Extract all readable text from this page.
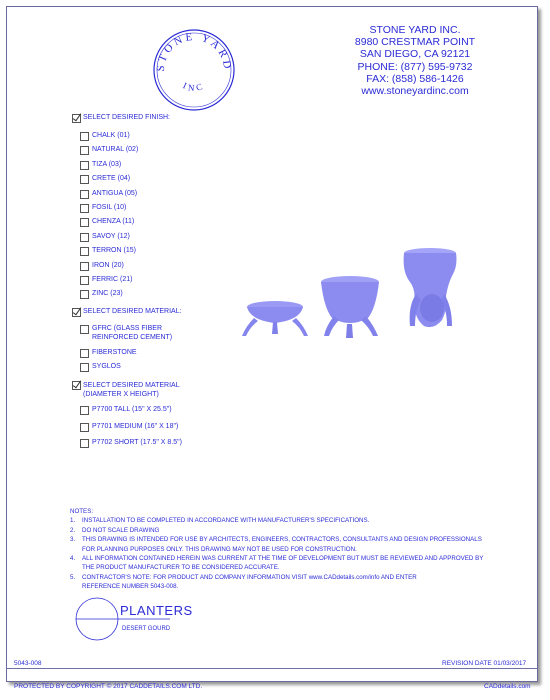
STONE YARD
INC
STONE YARD INC.
8980 CRESTMAR POINT
SAN DIEGO, CA 92121
PHONE: (877) 595-9732
FAX: (858) 586-1426
www.stoneyardinc.com
SELECT DESIRED FINISH:
CHALK (01)
NATURAL (02)
TIZA (03)
CRETE (04)
ANTIGUA (05)
FOSIL (10)
CHENZA (11)
SAVOY (12)
TERRON (15)
IRON (20)
FERRIC (21)
ZINC (23)
SELECT DESIRED MATERIAL:
GFRC (GLASS FIBER
REINFORCED CEMENT)
FIBERSTONE
SYGLOS
SELECT DESIRED MATERIAL
(DIAMETER X HEIGHT)
P7700 TALL (15" X 25.5")
P7701 MEDIUM (16" X 18")
P7702 SHORT (17.5" X 8.5")
NOTES:
1.	INSTALLATION TO BE COMPLETED IN ACCORDANCE WITH MANUFACTURER'S SPECIFICATIONS.
2.	DO NOT SCALE DRAWING
3.	THIS DRAWING IS INTENDED FOR USE BY ARCHITECTS, ENGINEERS, CONTRACTORS, CONSULTANTS AND DESIGN PROFESSIONALS
FOR PLANNING PURPOSES ONLY. THIS DRAWING MAY NOT BE USED FOR CONSTRUCTION.
4.	ALL INFORMATION CONTAINED HEREIN WAS CURRENT AT THE TIME OF DEVELOPMENT BUT MUST BE REVIEWED AND APPROVED BY
THE PRODUCT MANUFACTURER TO BE CONSIDERED ACCURATE.
5.	CONTRACTOR'S NOTE: FOR PRODUCT AND COMPANY INFORMATION VISIT www.CADdetails.com/info AND ENTER
REFERENCE NUMBER 5043-008.
PLANTERS
DESERT GOURD
5043-008	REVISION DATE 01/03/2017
PROTECTED BY COPYRIGHT © 2017 CADDETAILS.COM LTD.	CADdetails.com
